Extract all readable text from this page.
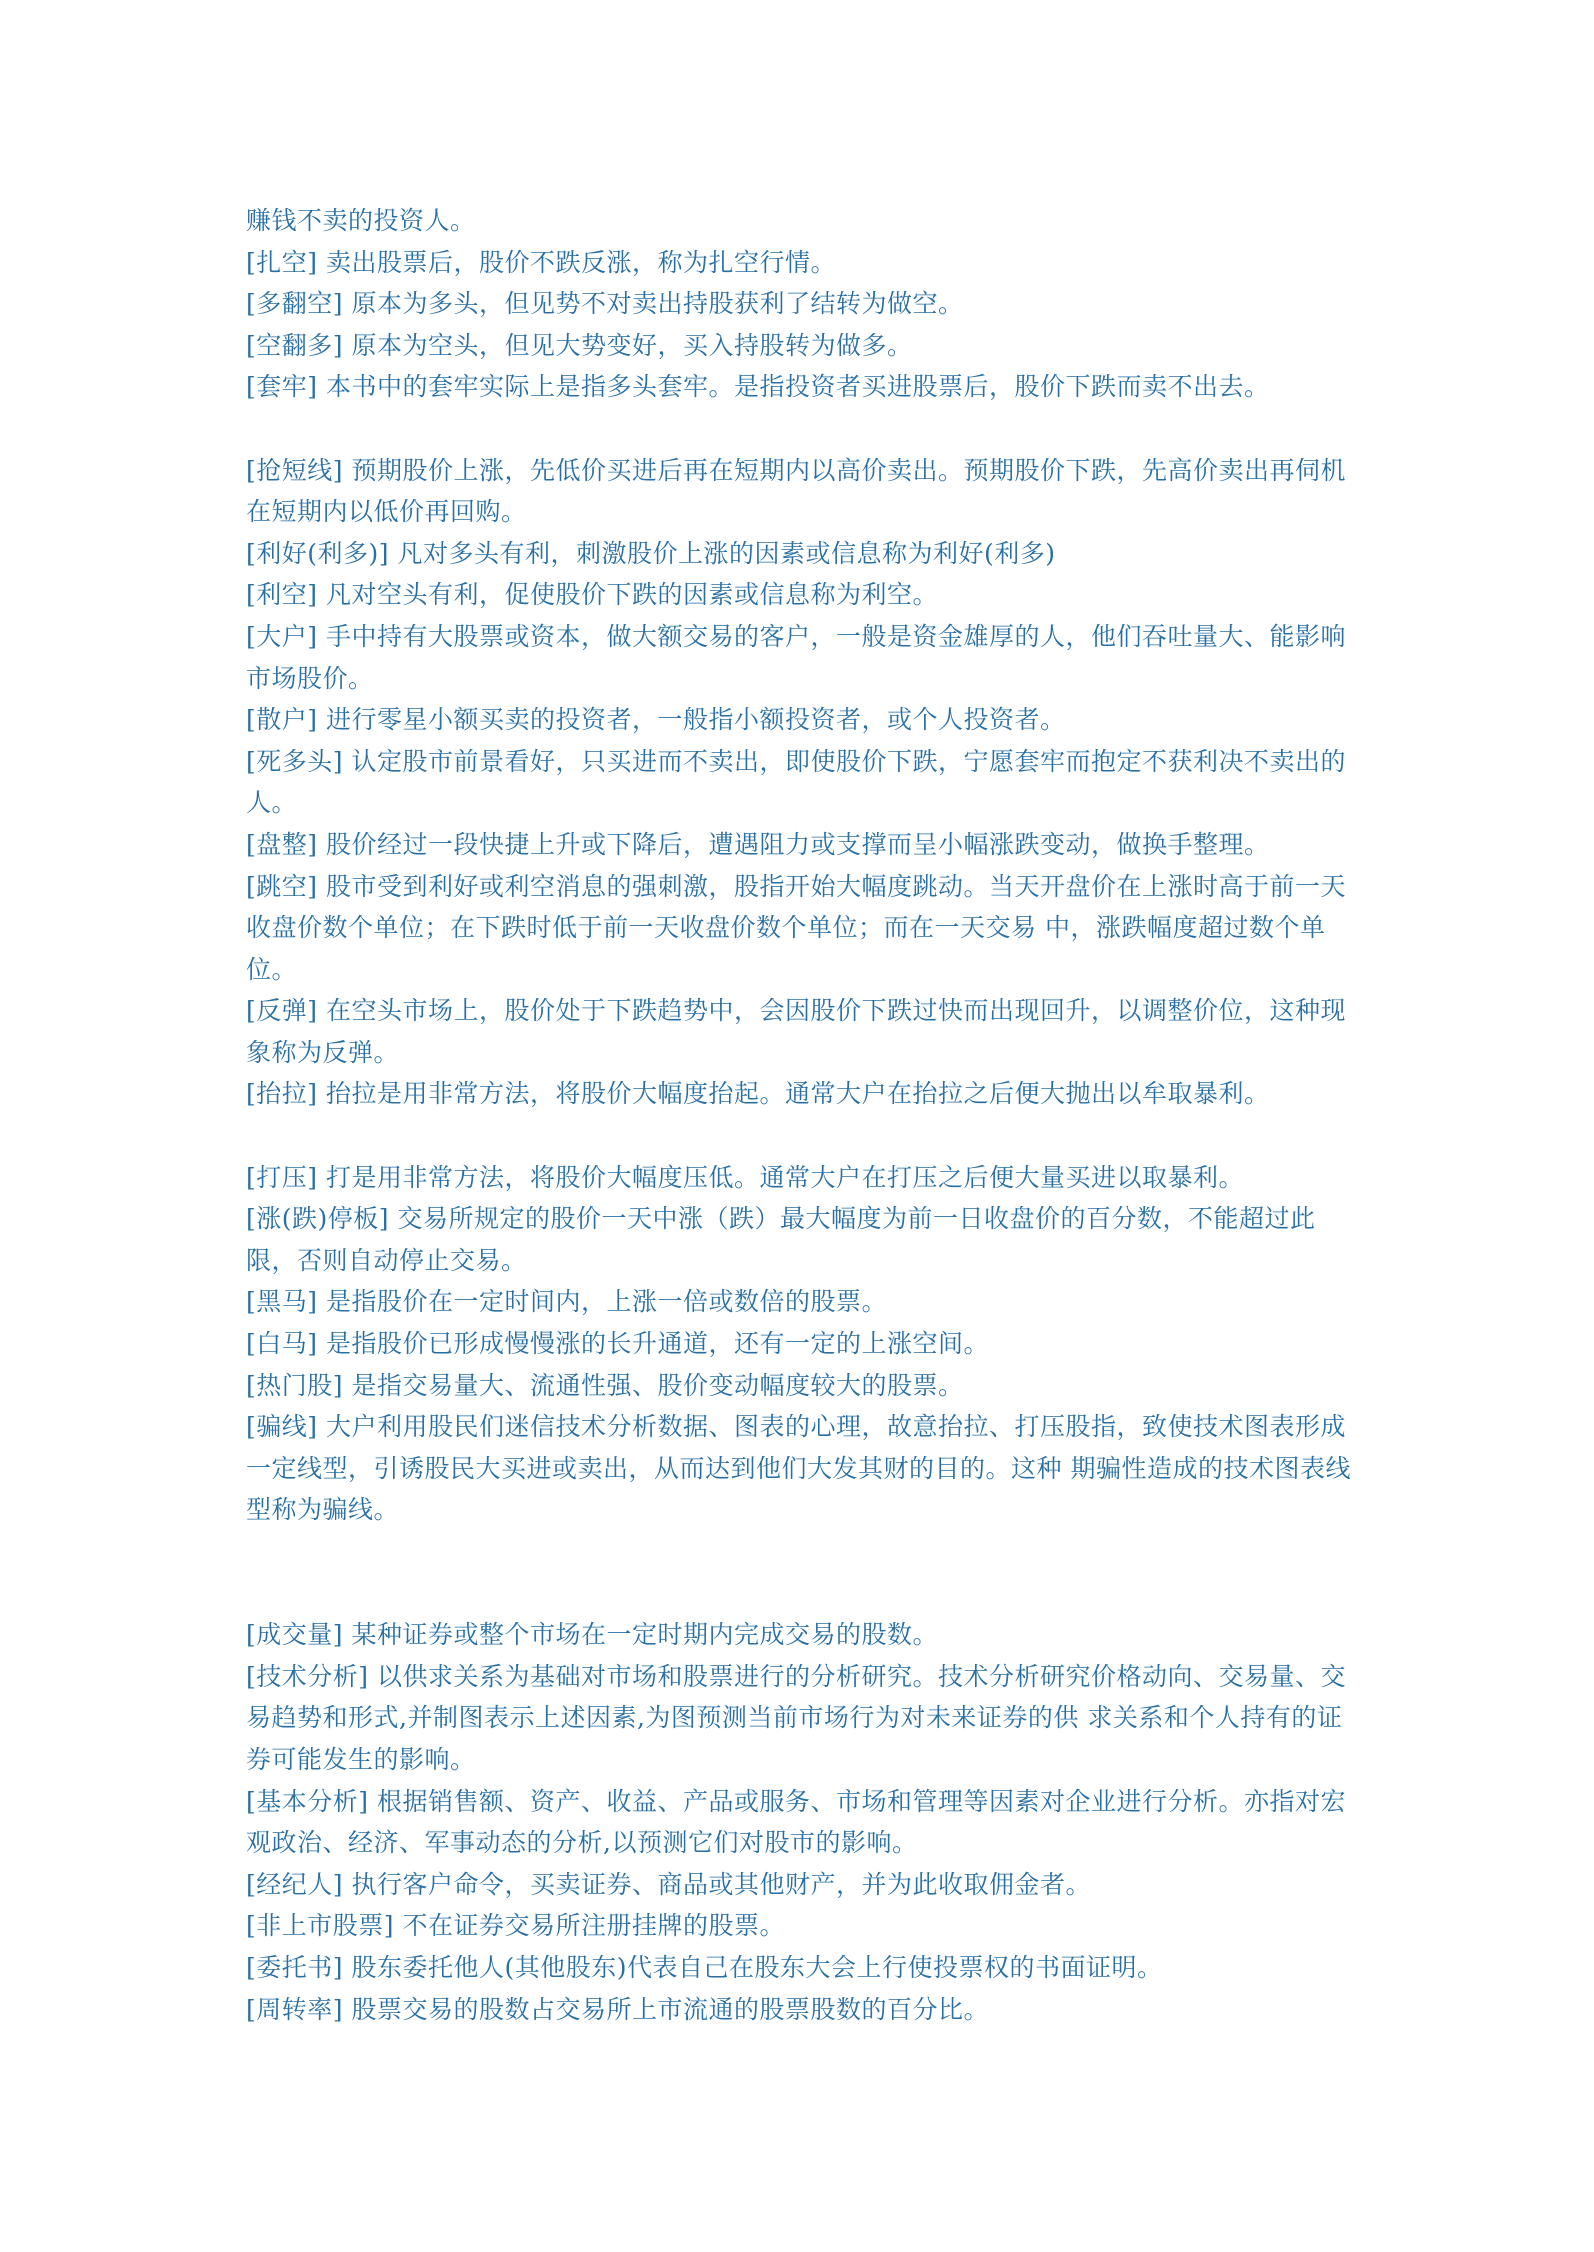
赚钱不卖的投资人。

[扎空] 卖出股票后，股价不跌反涨，称为扎空行情。

[多翻空] 原本为多头，但见势不对卖出持股获利了结转为做空。

[空翻多] 原本为空头，但见大势变好，买入持股转为做多。

[套牢] 本书中的套牢实际上是指多头套牢。是指投资者买进股票后，股价下跌而卖不出去。

[抢短线] 预期股价上涨，先低价买进后再在短期内以高价卖出。预期股价下跌，先高价卖出再伺机在短期内以低价再回购。

[利好(利多)] 凡对多头有利，刺激股价上涨的因素或信息称为利好(利多)

[利空] 凡对空头有利，促使股价下跌的因素或信息称为利空。

[大户] 手中持有大股票或资本，做大额交易的客户，一般是资金雄厚的人，他们吞吐量大、能影响市场股价。

[散户] 进行零星小额买卖的投资者，一般指小额投资者，或个人投资者。

[死多头] 认定股市前景看好，只买进而不卖出，即使股价下跌，宁愿套牢而抱定不获利决不卖出的人。

[盘整] 股价经过一段快捷上升或下降后，遭遇阻力或支撑而呈小幅涨跌变动，做换手整理。

[跳空] 股市受到利好或利空消息的强刺激，股指开始大幅度跳动。当天开盘价在上涨时高于前一天收盘价数个单位；在下跌时低于前一天收盘价数个单位；而在一天交易 中，涨跌幅度超过数个单位。

[反弹] 在空头市场上，股价处于下跌趋势中，会因股价下跌过快而出现回升，以调整价位，这种现象称为反弹。

[抬拉] 抬拉是用非常方法，将股价大幅度抬起。通常大户在抬拉之后便大抛出以牟取暴利。

[打压] 打是用非常方法，将股价大幅度压低。通常大户在打压之后便大量买进以取暴利。

[涨(跌)停板] 交易所规定的股价一天中涨（跌）最大幅度为前一日收盘价的百分数，不能超过此限，否则自动停止交易。

[黑马] 是指股价在一定时间内，上涨一倍或数倍的股票。

[白马] 是指股价已形成慢慢涨的长升通道，还有一定的上涨空间。

[热门股] 是指交易量大、流通性强、股价变动幅度较大的股票。

[骗线] 大户利用股民们迷信技术分析数据、图表的心理，故意抬拉、打压股指，致使技术图表形成一定线型，引诱股民大买进或卖出，从而达到他们大发其财的目的。这种 期骗性造成的技术图表线型称为骗线。

[成交量] 某种证券或整个市场在一定时期内完成交易的股数。

[技术分析] 以供求关系为基础对市场和股票进行的分析研究。技术分析研究价格动向、交易量、交易趋势和形式,并制图表示上述因素,为图预测当前市场行为对未来证券的供 求关系和个人持有的证券可能发生的影响。

[基本分析] 根据销售额、资产、收益、产品或服务、市场和管理等因素对企业进行分析。亦指对宏观政治、经济、军事动态的分析,以预测它们对股市的影响。

[经纪人] 执行客户命令，买卖证券、商品或其他财产，并为此收取佣金者。

[非上市股票] 不在证券交易所注册挂牌的股票。

[委托书] 股东委托他人(其他股东)代表自己在股东大会上行使投票权的书面证明。

[周转率] 股票交易的股数占交易所上市流通的股票股数的百分比。
